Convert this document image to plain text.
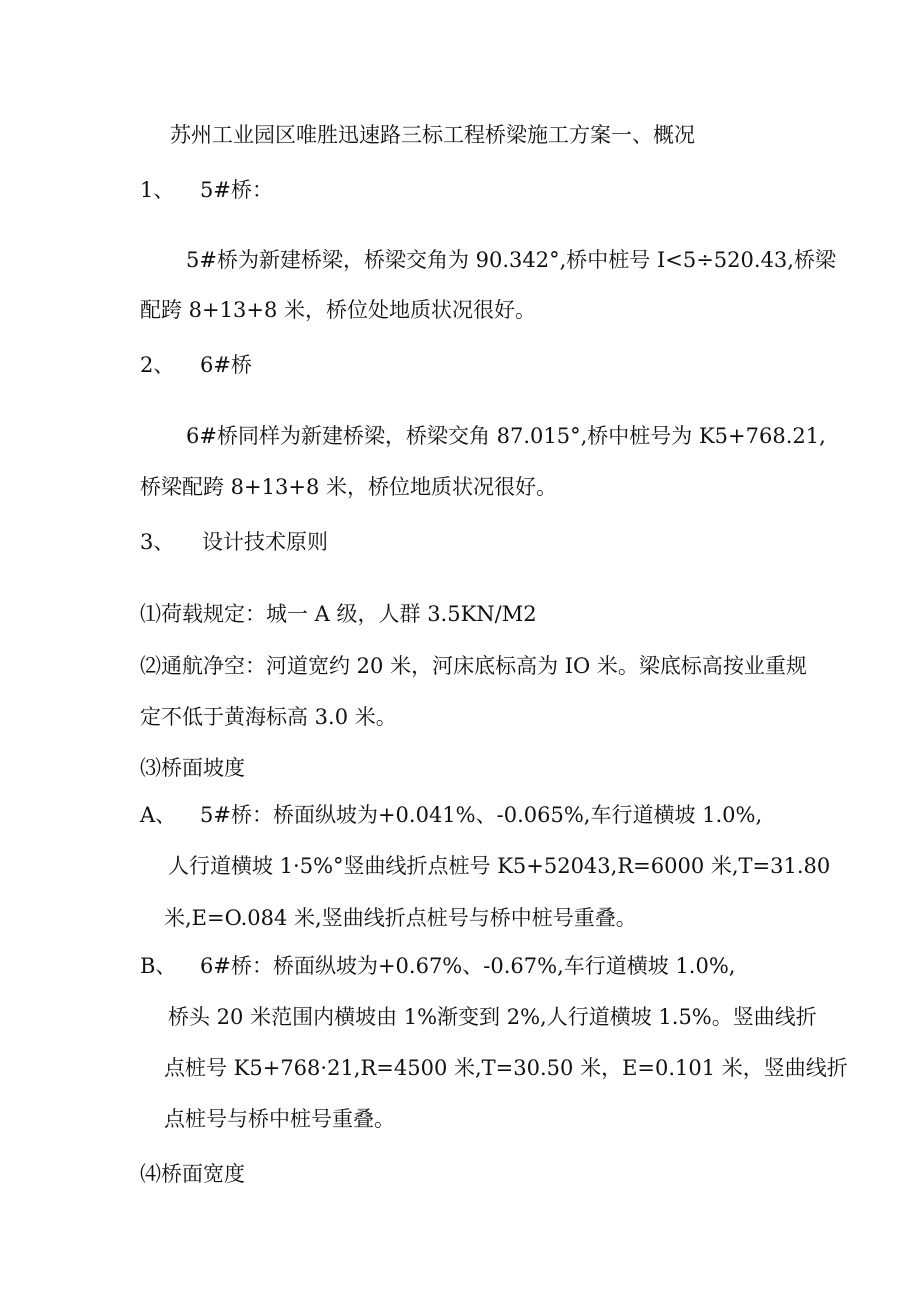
苏州工业园区唯胜迅速路三标工程桥梁施工方案一、概况
1、 5#桥：
5#桥为新建桥梁，桥梁交角为 90.342°,桥中桩号 I<5÷520.43,桥梁
配跨 8+13+8 米，桥位处地质状况很好。
2、 6#桥
6#桥同样为新建桥梁，桥梁交角 87.015°,桥中桩号为 K5+768.21,
桥梁配跨 8+13+8 米，桥位地质状况很好。
3、 设计技术原则
⑴荷载规定：城一 A 级，人群 3.5KN/M2
⑵通航净空：河道宽约 20 米，河床底标高为 IO 米。梁底标高按业重规
定不低于黄海标高 3.0 米。
⑶桥面坡度
A、 5#桥：桥面纵坡为+0.041%、-0.065%,车行道横坡 1.0%,
人行道横坡 1·5%°竖曲线折点桩号 K5+52043,R=6000 米,T=31.80
米,E=O.084 米,竖曲线折点桩号与桥中桩号重叠。
B、 6#桥：桥面纵坡为+0.67%、-0.67%,车行道横坡 1.0%,
桥头 20 米范围内横坡由 1%渐变到 2%,人行道横坡 1.5%。竖曲线折
点桩号 K5+768·21,R=4500 米,T=30.50 米，E=0.101 米，竖曲线折
点桩号与桥中桩号重叠。
⑷桥面宽度
